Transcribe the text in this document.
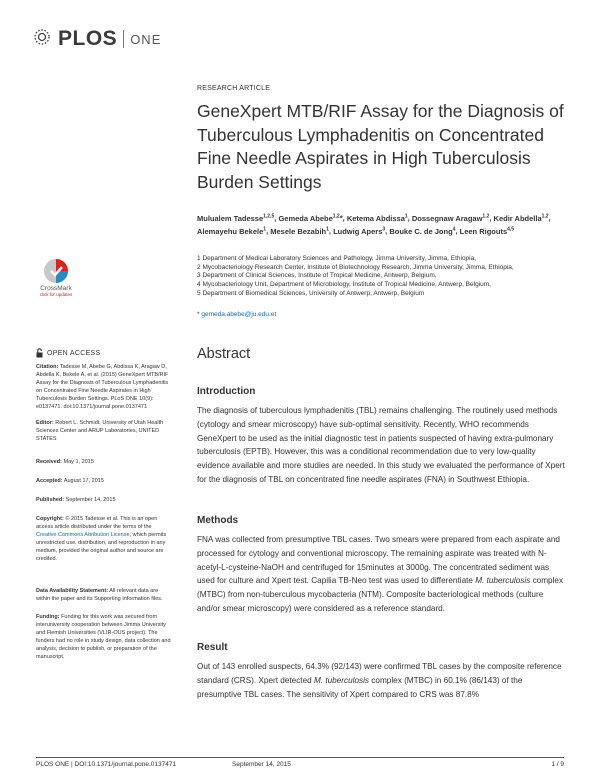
PLOS ONE
CrossMark
click for updates
RESEARCH ARTICLE
GeneXpert MTB/RIF Assay for the Diagnosis of Tuberculous Lymphadenitis on Concentrated Fine Needle Aspirates in High Tuberculosis Burden Settings
Mulualem Tadesse$^{1,2,5}$, Gemeda Abebe$^{1,2}$*, Ketema Abdissa$^1$, Dossegnaw Aragaw$^{1,2}$, Kedir Abdella$^{1,2}$, Alemayehu Bekele$^1$, Mesele Bezabih$^1$, Ludwig Apers$^3$, Bouke C. de Jong$^4$, Leen Rigouts$^{4,5}$
1 Department of Medical Laboratory Sciences and Pathology, Jimma University, Jimma, Ethiopia,
2 Mycobacteriology Research Center, Institute of Biotechnology Research, Jimma University, Jimma, Ethiopia,
3 Department of Clinical Sciences, Institute of Tropical Medicine, Antwerp, Belgium,
4 Mycobacteriology Unit, Department of Microbiology, Institute of Tropical Medicine, Antwerp, Belgium,
5 Department of Biomedical Sciences, University of Antwerp, Antwerp, Belgium
* gemeda.abebe@ju.edu.et
Abstract
Introduction

The diagnosis of tuberculous lymphadenitis (TBL) remains challenging. The routinely used methods (cytology and smear microscopy) have sub-optimal sensitivity. Recently, WHO recommends GeneXpert to be used as the initial diagnostic test in patients suspected of having extra-pulmonary tuberculosis (EPTB). However, this was a conditional recommendation due to very low-quality evidence available and more studies are needed. In this study we evaluated the performance of Xpert for the diagnosis of TBL on concentrated fine needle aspirates (FNA) in Southwest Ethiopia.

Methods

FNA was collected from presumptive TBL cases. Two smears were prepared from each aspirate and processed for cytology and conventional microscopy. The remaining aspirate was treated with N-acetyl-L-cysteine-NaOH and centrifuged for 15minutes at 3000g. The concentrated sediment was used for culture and Xpert test. Capilia TB-Neo test was used to differentiate M. tuberculosis complex (MTBC) from non-tuberculous mycobacteria (NTM). Composite bacteriological methods (culture and/or smear microscopy) were considered as a reference standard.

Result

Out of 143 enrolled suspects, 64.3% (92/143) were confirmed TBL cases by the composite reference standard (CRS). Xpert detected M. tuberculosis complex (MTBC) in 60.1% (86/143) of the presumptive TBL cases. The sensitivity of Xpert compared to CRS was 87.8%

OPEN ACCESS
Citation: Tadesse M, Abebe G, Abdissa K, Aragaw D, Abdella K, Bekele A, et al. (2015) GeneXpert MTB/RIF Assay for the Diagnosis of Tuberculous Lymphadenitis on Concentrated Fine Needle Aspirates in High Tuberculosis Burden Settings. PLoS ONE 10(9): e0137471. doi:10.1371/journal.pone.0137471
Editor: Robert L. Schmidt, University of Utah Health Sciences Center and ARUP Laboratories, UNITED STATES
Received: May 1, 2015
Accepted: August 17, 2015
Published: September 14, 2015
Copyright: © 2015 Tadesse et al. This is an open access article distributed under the terms of the Creative Commons Attribution License, which permits unrestricted use, distribution, and reproduction in any medium, provided the original author and source are credited.
Data Availability Statement: All relevant data are within the paper and its Supporting Information files.
Funding: Funding for this work was secured from interuniversity cooperation between Jimma University and Flemish Universities (VLIR-OUS project). The funders had no role in study design, data collection and analysis, decision to publish, or preparation of the manuscript.
PLOS ONE | DOI:10.1371/journal.pone.0137471	September 14, 2015	1 / 9
